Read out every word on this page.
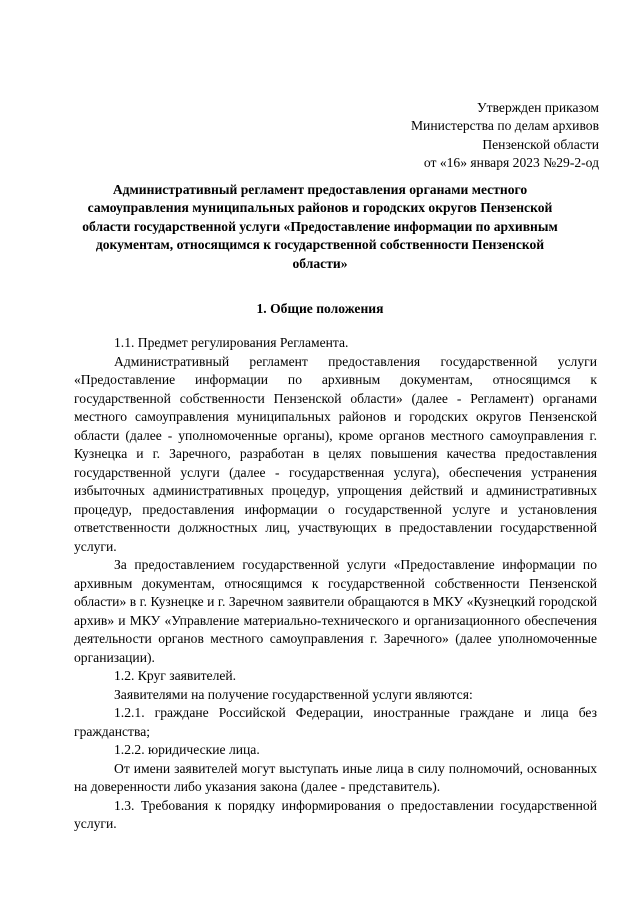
Утвержден приказом
Министерства по делам архивов
Пензенской области
от «16» января 2023 №29-2-од
Административный регламент предоставления органами местного самоуправления муниципальных районов и городских округов Пензенской области государственной услуги «Предоставление информации по архивным документам, относящимся к государственной собственности Пензенской области»
1. Общие положения

1.1. Предмет регулирования Регламента.

Административный регламент предоставления государственной услуги «Предоставление информации по архивным документам, относящимся к государственной собственности Пензенской области» (далее - Регламент) органами местного самоуправления муниципальных районов и городских округов Пензенской области (далее - уполномоченные органы), кроме органов местного самоуправления г. Кузнецка и г. Заречного, разработан в целях повышения качества предоставления государственной услуги (далее - государственная услуга), обеспечения устранения избыточных административных процедур, упрощения действий и административных процедур, предоставления информации о государственной услуге и установления ответственности должностных лиц, участвующих в предоставлении государственной услуги.

За предоставлением государственной услуги «Предоставление информации по архивным документам, относящимся к государственной собственности Пензенской области» в г. Кузнецке и г. Заречном заявители обращаются в МКУ «Кузнецкий городской архив» и МКУ «Управление материально-технического и организационного обеспечения деятельности органов местного самоуправления г. Заречного» (далее уполномоченные организации).

1.2. Круг заявителей.

Заявителями на получение государственной услуги являются:

1.2.1. граждане Российской Федерации, иностранные граждане и лица без гражданства;

1.2.2. юридические лица.

От имени заявителей могут выступать иные лица в силу полномочий, основанных на доверенности либо указания закона (далее - представитель).

1.3. Требования к порядку информирования о предоставлении государственной услуги.
